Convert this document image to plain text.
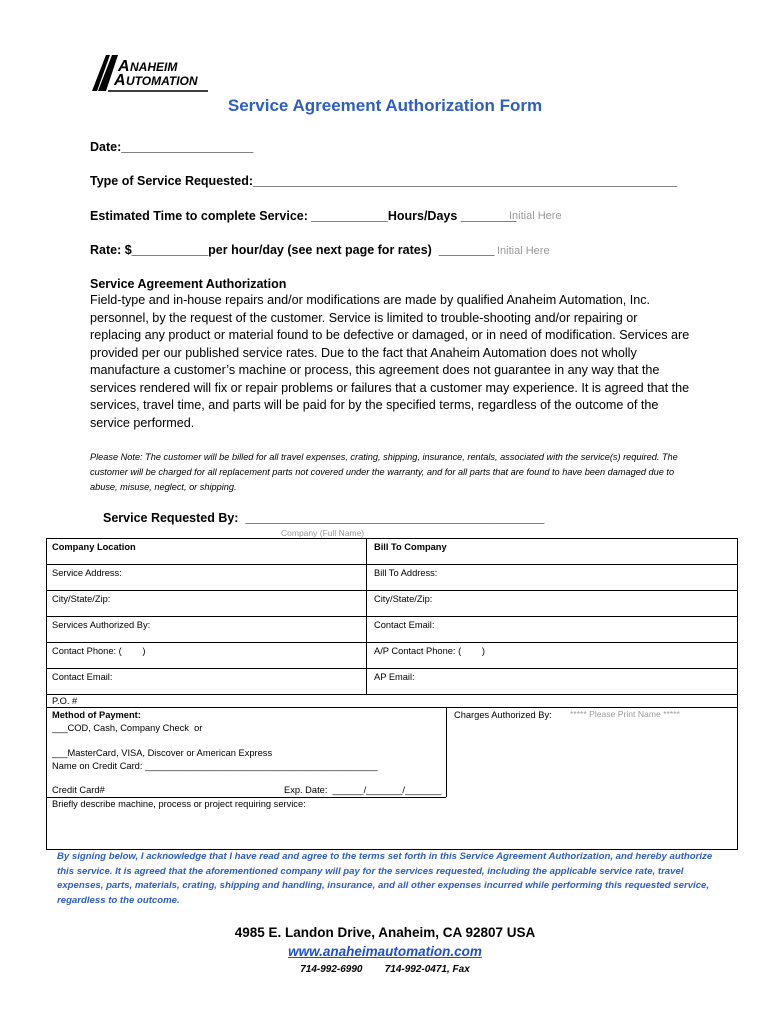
A NAHEIM
A UTOMATION
Service Agreement Authorization Form
Date:___________________
Type of Service Requested:_____________________________________________________________
Estimated Time to complete Service: ___________Hours/Days ________
Initial Here
Rate: $___________per hour/day (see next page for rates)  ________ Initial Here
Service Agreement Authorization
Field-type and in-house repairs and/or modifications are made by qualified Anaheim Automation, Inc. personnel, by the request of the customer. Service is limited to trouble-shooting and/or repairing or replacing any product or material found to be defective or damaged, or in need of modification. Services are provided per our published service rates. Due to the fact that Anaheim Automation does not wholly manufacture a customer’s machine or process, this agreement does not guarantee in any way that the services rendered will fix or repair problems or failures that a customer may experience. It is agreed that the services, travel time, and parts will be paid for by the specified terms, regardless of the outcome of the service performed.
Please Note: The customer will be billed for all travel expenses, crating, shipping, insurance, rentals, associated with the service(s) required. The customer will be charged for all replacement parts not covered under the warranty, and for all parts that are found to have been damaged due to abuse, misuse, neglect, or shipping.
Service Requested By:  ___________________________________________
Company (Full Name)
Company Location	Bill To Company
Service Address:	Bill To Address:
City/State/Zip:	City/State/Zip:
Services Authorized By:	Contact Email:
Contact Phone: (        )	A/P Contact Phone: (        )
Contact Email:	AP Email:
P.O. #
Method of Payment:
___COD, Cash, Company Check  or
___MasterCard, VISA, Discover or American Express
Name on Credit Card: _____________________________________________
Credit Card#	Exp. Date:  ______/_______/_______
Charges Authorized By: ***** Please Print Name *****
Briefly describe machine, process or project requiring service:
By signing below, I acknowledge that I have read and agree to the terms set forth in this Service Agreement Authorization, and hereby authorize this service. It is agreed that the aforementioned company will pay for the services requested, including the applicable service rate, travel expenses, parts, materials, crating, shipping and handling, insurance, and all other expenses incurred while performing this requested service, regardless to the outcome.
4985 E. Landon Drive, Anaheim, CA 92807 USA
www.anaheimautomation.com
714-992-6990        714-992-0471, Fax
